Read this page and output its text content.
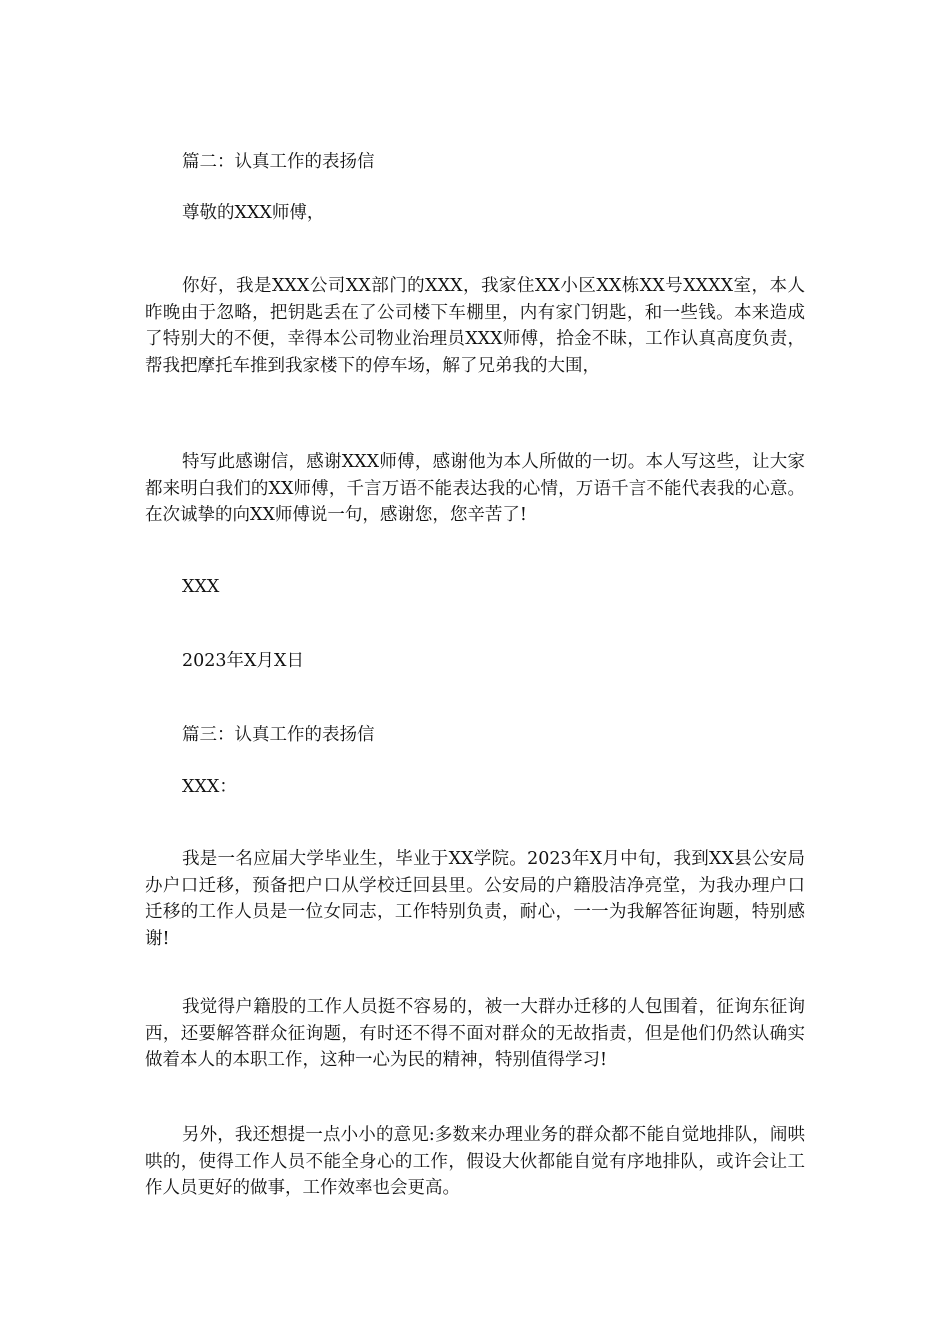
篇二：认真工作的表扬信
尊敬的XXX师傅，
你好，我是XXX公司XX部门的XXX，我家住XX小区XX栋XX号XXXX室，本人昨晚由于忽略，把钥匙丢在了公司楼下车棚里，内有家门钥匙，和一些钱。本来造成了特别大的不便，幸得本公司物业治理员XXX师傅，拾金不昧，工作认真高度负责，帮我把摩托车推到我家楼下的停车场，解了兄弟我的大围，
特写此感谢信，感谢XXX师傅，感谢他为本人所做的一切。本人写这些，让大家都来明白我们的XX师傅，千言万语不能表达我的心情，万语千言不能代表我的心意。在次诚挚的向XX师傅说一句，感谢您，您辛苦了!
XXX
2023年X月X日
篇三：认真工作的表扬信
XXX：
我是一名应届大学毕业生，毕业于XX学院。2023年X月中旬，我到XX县公安局办户口迁移，预备把户口从学校迁回县里。公安局的户籍股洁净亮堂，为我办理户口迁移的工作人员是一位女同志，工作特别负责，耐心，一一为我解答征询题，特别感谢!
我觉得户籍股的工作人员挺不容易的，被一大群办迁移的人包围着，征询东征询西，还要解答群众征询题，有时还不得不面对群众的无故指责，但是他们仍然认确实做着本人的本职工作，这种一心为民的精神，特别值得学习!
另外，我还想提一点小小的意见:多数来办理业务的群众都不能自觉地排队，闹哄哄的，使得工作人员不能全身心的工作，假设大伙都能自觉有序地排队，或许会让工作人员更好的做事，工作效率也会更高。
